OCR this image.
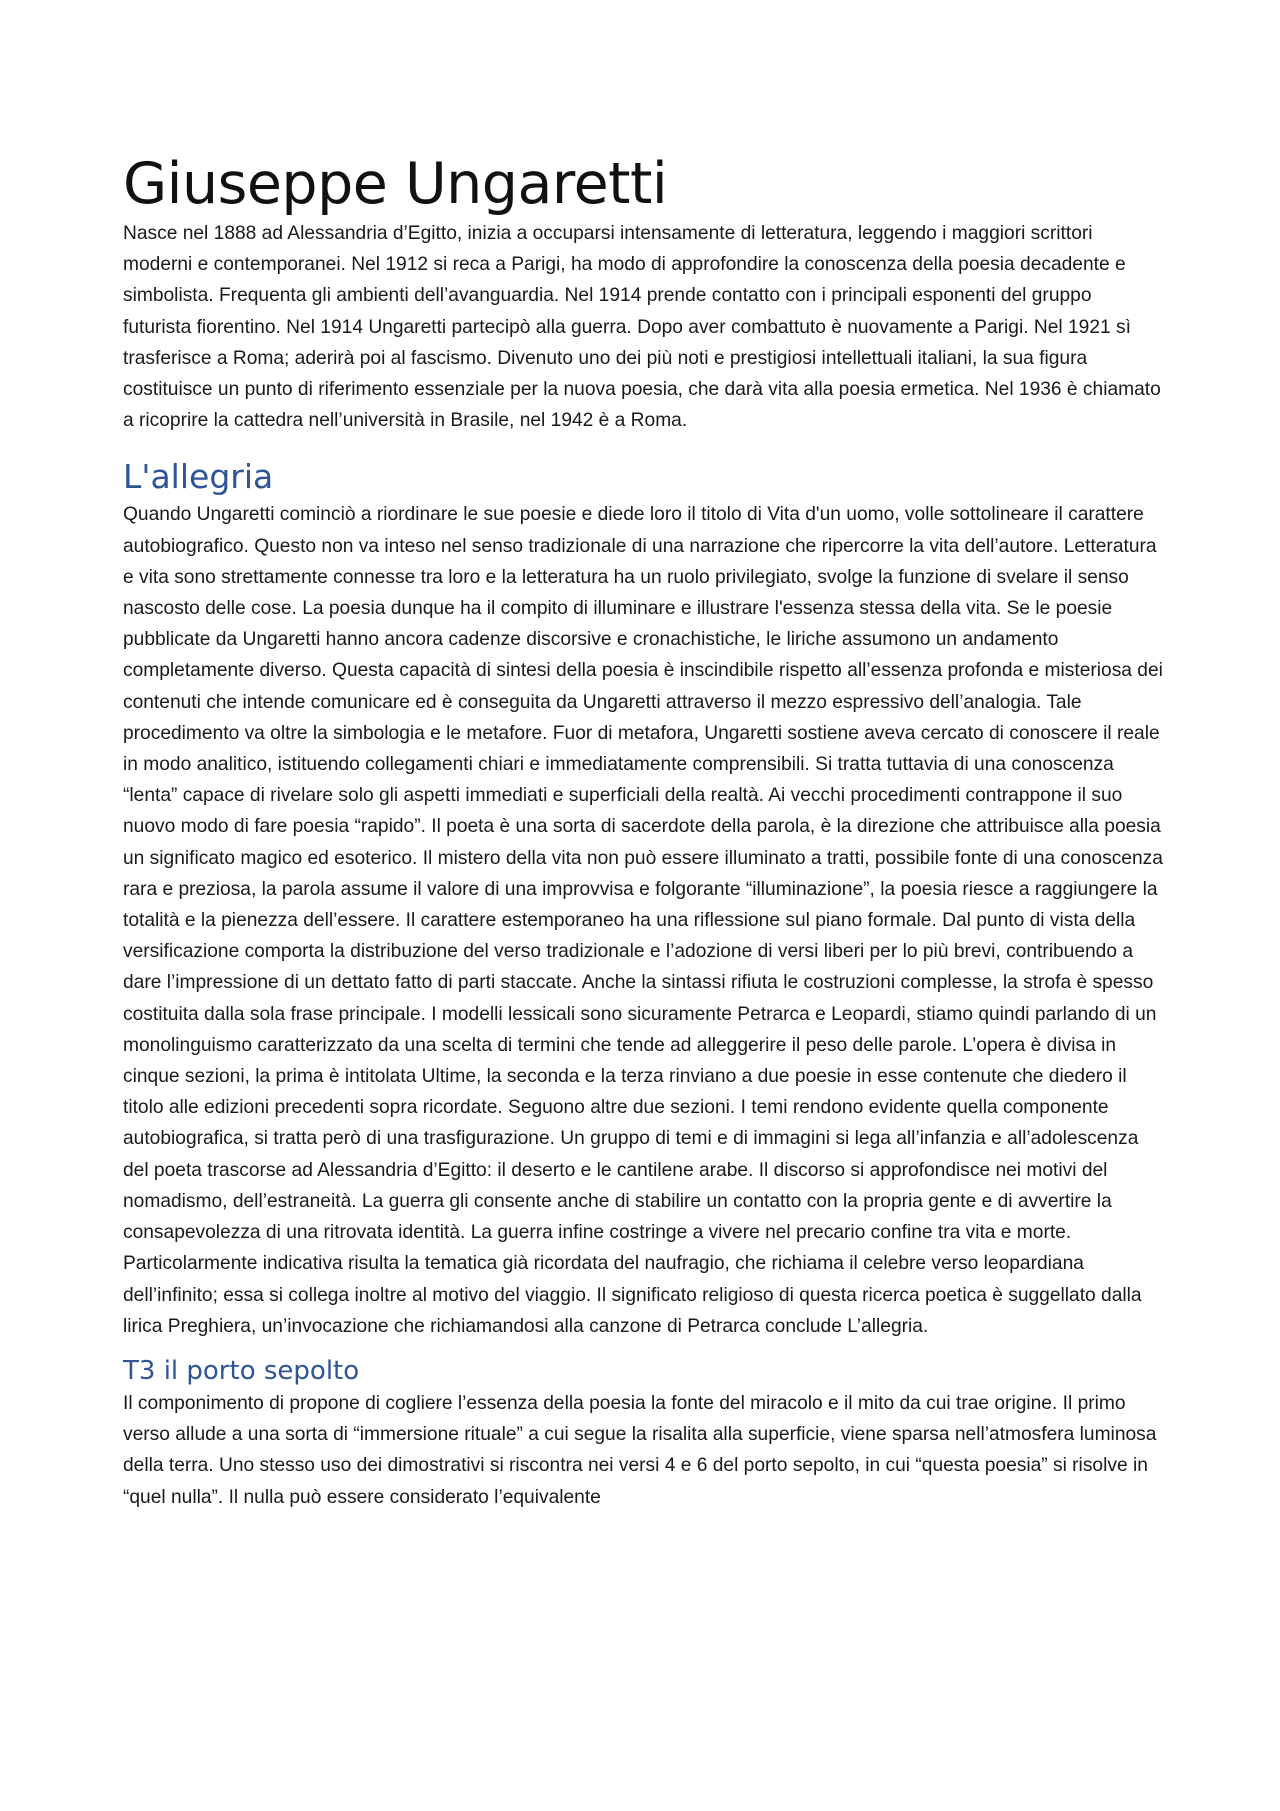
Giuseppe Ungaretti

Nasce nel 1888 ad Alessandria d’Egitto, inizia a occuparsi intensamente di letteratura, leggendo i maggiori scrittori moderni e contemporanei. Nel 1912 si reca a Parigi, ha modo di approfondire la conoscenza della poesia decadente e simbolista. Frequenta gli ambienti dell’avanguardia. Nel 1914 prende contatto con i principali esponenti del gruppo futurista fiorentino. Nel 1914 Ungaretti partecipò alla guerra. Dopo aver combattuto è nuovamente a Parigi. Nel 1921 sì trasferisce a Roma; aderirà poi al fascismo. Divenuto uno dei più noti e prestigiosi intellettuali italiani, la sua figura costituisce un punto di riferimento essenziale per la nuova poesia, che darà vita alla poesia ermetica. Nel 1936 è chiamato a ricoprire la cattedra nell’università in Brasile, nel 1942 è a Roma.

L'allegria

Quando Ungaretti cominciò a riordinare le sue poesie e diede loro il titolo di Vita d'un uomo, volle sottolineare il carattere autobiografico. Questo non va inteso nel senso tradizionale di una narrazione che ripercorre la vita dell’autore. Letteratura e vita sono strettamente connesse tra loro e la letteratura ha un ruolo privilegiato, svolge la funzione di svelare il senso nascosto delle cose. La poesia dunque ha il compito di illuminare e illustrare l'essenza stessa della vita. Se le poesie pubblicate da Ungaretti hanno ancora cadenze discorsive e cronachistiche, le liriche assumono un andamento completamente diverso. Questa capacità di sintesi della poesia è inscindibile rispetto all’essenza profonda e misteriosa dei contenuti che intende comunicare ed è conseguita da Ungaretti attraverso il mezzo espressivo dell’analogia. Tale procedimento va oltre la simbologia e le metafore. Fuor di metafora, Ungaretti sostiene aveva cercato di conoscere il reale in modo analitico, istituendo collegamenti chiari e immediatamente comprensibili. Si tratta tuttavia di una conoscenza “lenta” capace di rivelare solo gli aspetti immediati e superficiali della realtà. Ai vecchi procedimenti contrappone il suo nuovo modo di fare poesia “rapido”. Il poeta è una sorta di sacerdote della parola, è la direzione che attribuisce alla poesia un significato magico ed esoterico. Il mistero della vita non può essere illuminato a tratti, possibile fonte di una conoscenza rara e preziosa, la parola assume il valore di una improvvisa e folgorante “illuminazione”, la poesia riesce a raggiungere la totalità e la pienezza dell’essere. Il carattere estemporaneo ha una riflessione sul piano formale. Dal punto di vista della versificazione comporta la distribuzione del verso tradizionale e l’adozione di versi liberi per lo più brevi, contribuendo a dare l’impressione di un dettato fatto di parti staccate. Anche la sintassi rifiuta le costruzioni complesse, la strofa è spesso costituita dalla sola frase principale. I modelli lessicali sono sicuramente Petrarca e Leopardi, stiamo quindi parlando di un monolinguismo caratterizzato da una scelta di termini che tende ad alleggerire il peso delle parole. L’opera è divisa in cinque sezioni, la prima è intitolata Ultime, la seconda e la terza rinviano a due poesie in esse contenute che diedero il titolo alle edizioni precedenti sopra ricordate. Seguono altre due sezioni. I temi rendono evidente quella componente autobiografica, si tratta però di una trasfigurazione. Un gruppo di temi e di immagini si lega all’infanzia e all’adolescenza del poeta trascorse ad Alessandria d’Egitto: il deserto e le cantilene arabe. Il discorso si approfondisce nei motivi del nomadismo, dell’estraneità. La guerra gli consente anche di stabilire un contatto con la propria gente e di avvertire la consapevolezza di una ritrovata identità. La guerra infine costringe a vivere nel precario confine tra vita e morte. Particolarmente indicativa risulta la tematica già ricordata del naufragio, che richiama il celebre verso leopardiana dell’infinito; essa si collega inoltre al motivo del viaggio. Il significato religioso di questa ricerca poetica è suggellato dalla lirica Preghiera, un’invocazione che richiamandosi alla canzone di Petrarca conclude L’allegria.

T3 il porto sepolto

Il componimento di propone di cogliere l’essenza della poesia la fonte del miracolo e il mito da cui trae origine. Il primo verso allude a una sorta di “immersione rituale” a cui segue la risalita alla superficie, viene sparsa nell’atmosfera luminosa della terra. Uno stesso uso dei dimostrativi si riscontra nei versi 4 e 6 del porto sepolto, in cui “questa poesia” si risolve in “quel nulla”. Il nulla può essere considerato l’equivalente
